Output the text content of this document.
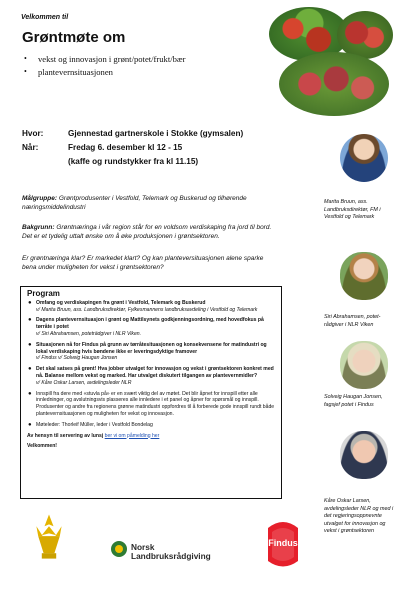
Velkommen til
Grøntmøte om
• vekst og innovasjon i grønt/potet/frukt/bær
• plantevernsituasjonen
Hvor:	Gjennestad gartnerskole i Stokke (gymsalen)
Når:	Fredag 6. desember kl 12 - 15
(kaffe og rundstykker fra kl 11.15)
Målgruppe: Grøntprodusenter i Vestfold, Telemark og Buskerud og tilhørende næringsmiddelindustri
Bakgrunn: Grøntnæringa i vår region står for en voldsom verdiskaping fra jord til bord. Det er et tydelig uttalt ønske om å øke produksjonen i grøntsektoren.
Er grøntnæringa klar? Er markedet klart? Og kan planteversituasjonen alene sparke bena under muligheten for vekst i grøntsektoren?
Program
● Omfang og verdiskapingen fra grønt i Vestfold, Telemark og Buskerud
v/ Marita Bruun, ass. Landbruksdirektør, Fylkesmannens landbruksavdeling i Vestfold og Telemark
● Dagens plantevernsituasjon i grønt og Mattilsynets godkjenningsordning, med hovedfokus på tørråte i potet
v/ Siri Abrahamsen, poteträdgiver i NLR Viken.
● Situasjonen nå for Findus på grunn av tørråtesituasjonen og konsekvensene for matindustri og lokal verdiskaping hvis bøndene ikke er leveringsdyktige framover
v/ Findus v/ Solveig Haugan Jonsen
● Det skal satses på grønt! Hva jobber utvalget for innovasjon og vekst i grøntsektoren konkret med nå. Balanse mellom vekst og marked. Har utvalget diskutert tilgangen av plantevernmidler?
v/ Kåre Oskar Larsen, avdelingsleder NLR
● Innspill fra dere med «stuvla på» er en svært viktig del av møtet. Det blir åpnet for innspill etter alle innledninger, og avslutningsvis plasseres alle innledere i et panel og åpner for spørsmål og innspill. Produsenter og andre fra regionens grønne matindustri oppfordres til å forberede gode innspill rundt både plantevernsituasjonen og muligheten for vekst og innovasjon.
● Møteleder: Thorleif Müller, leder i Vestfold Bondelag
Av hensyn til servering av lunsj ber vi om påmelding her
Velkommen!
Marita Bruun, ass. Landbruksdirektør, FM i Vestfold og Telemark
Siri Abrahamsen, potet-rådgiver i NLR Viken
Solveig Haugan Jonsen, fagsjef potet i Findus
Kåre Oskar Larsen, avdelingsleder NLR og med i det regjeringsoppnevnte utvalget for innovasjon og vekst i grøntsektoren
Norsk
Landbruksrådgiving
Findus
